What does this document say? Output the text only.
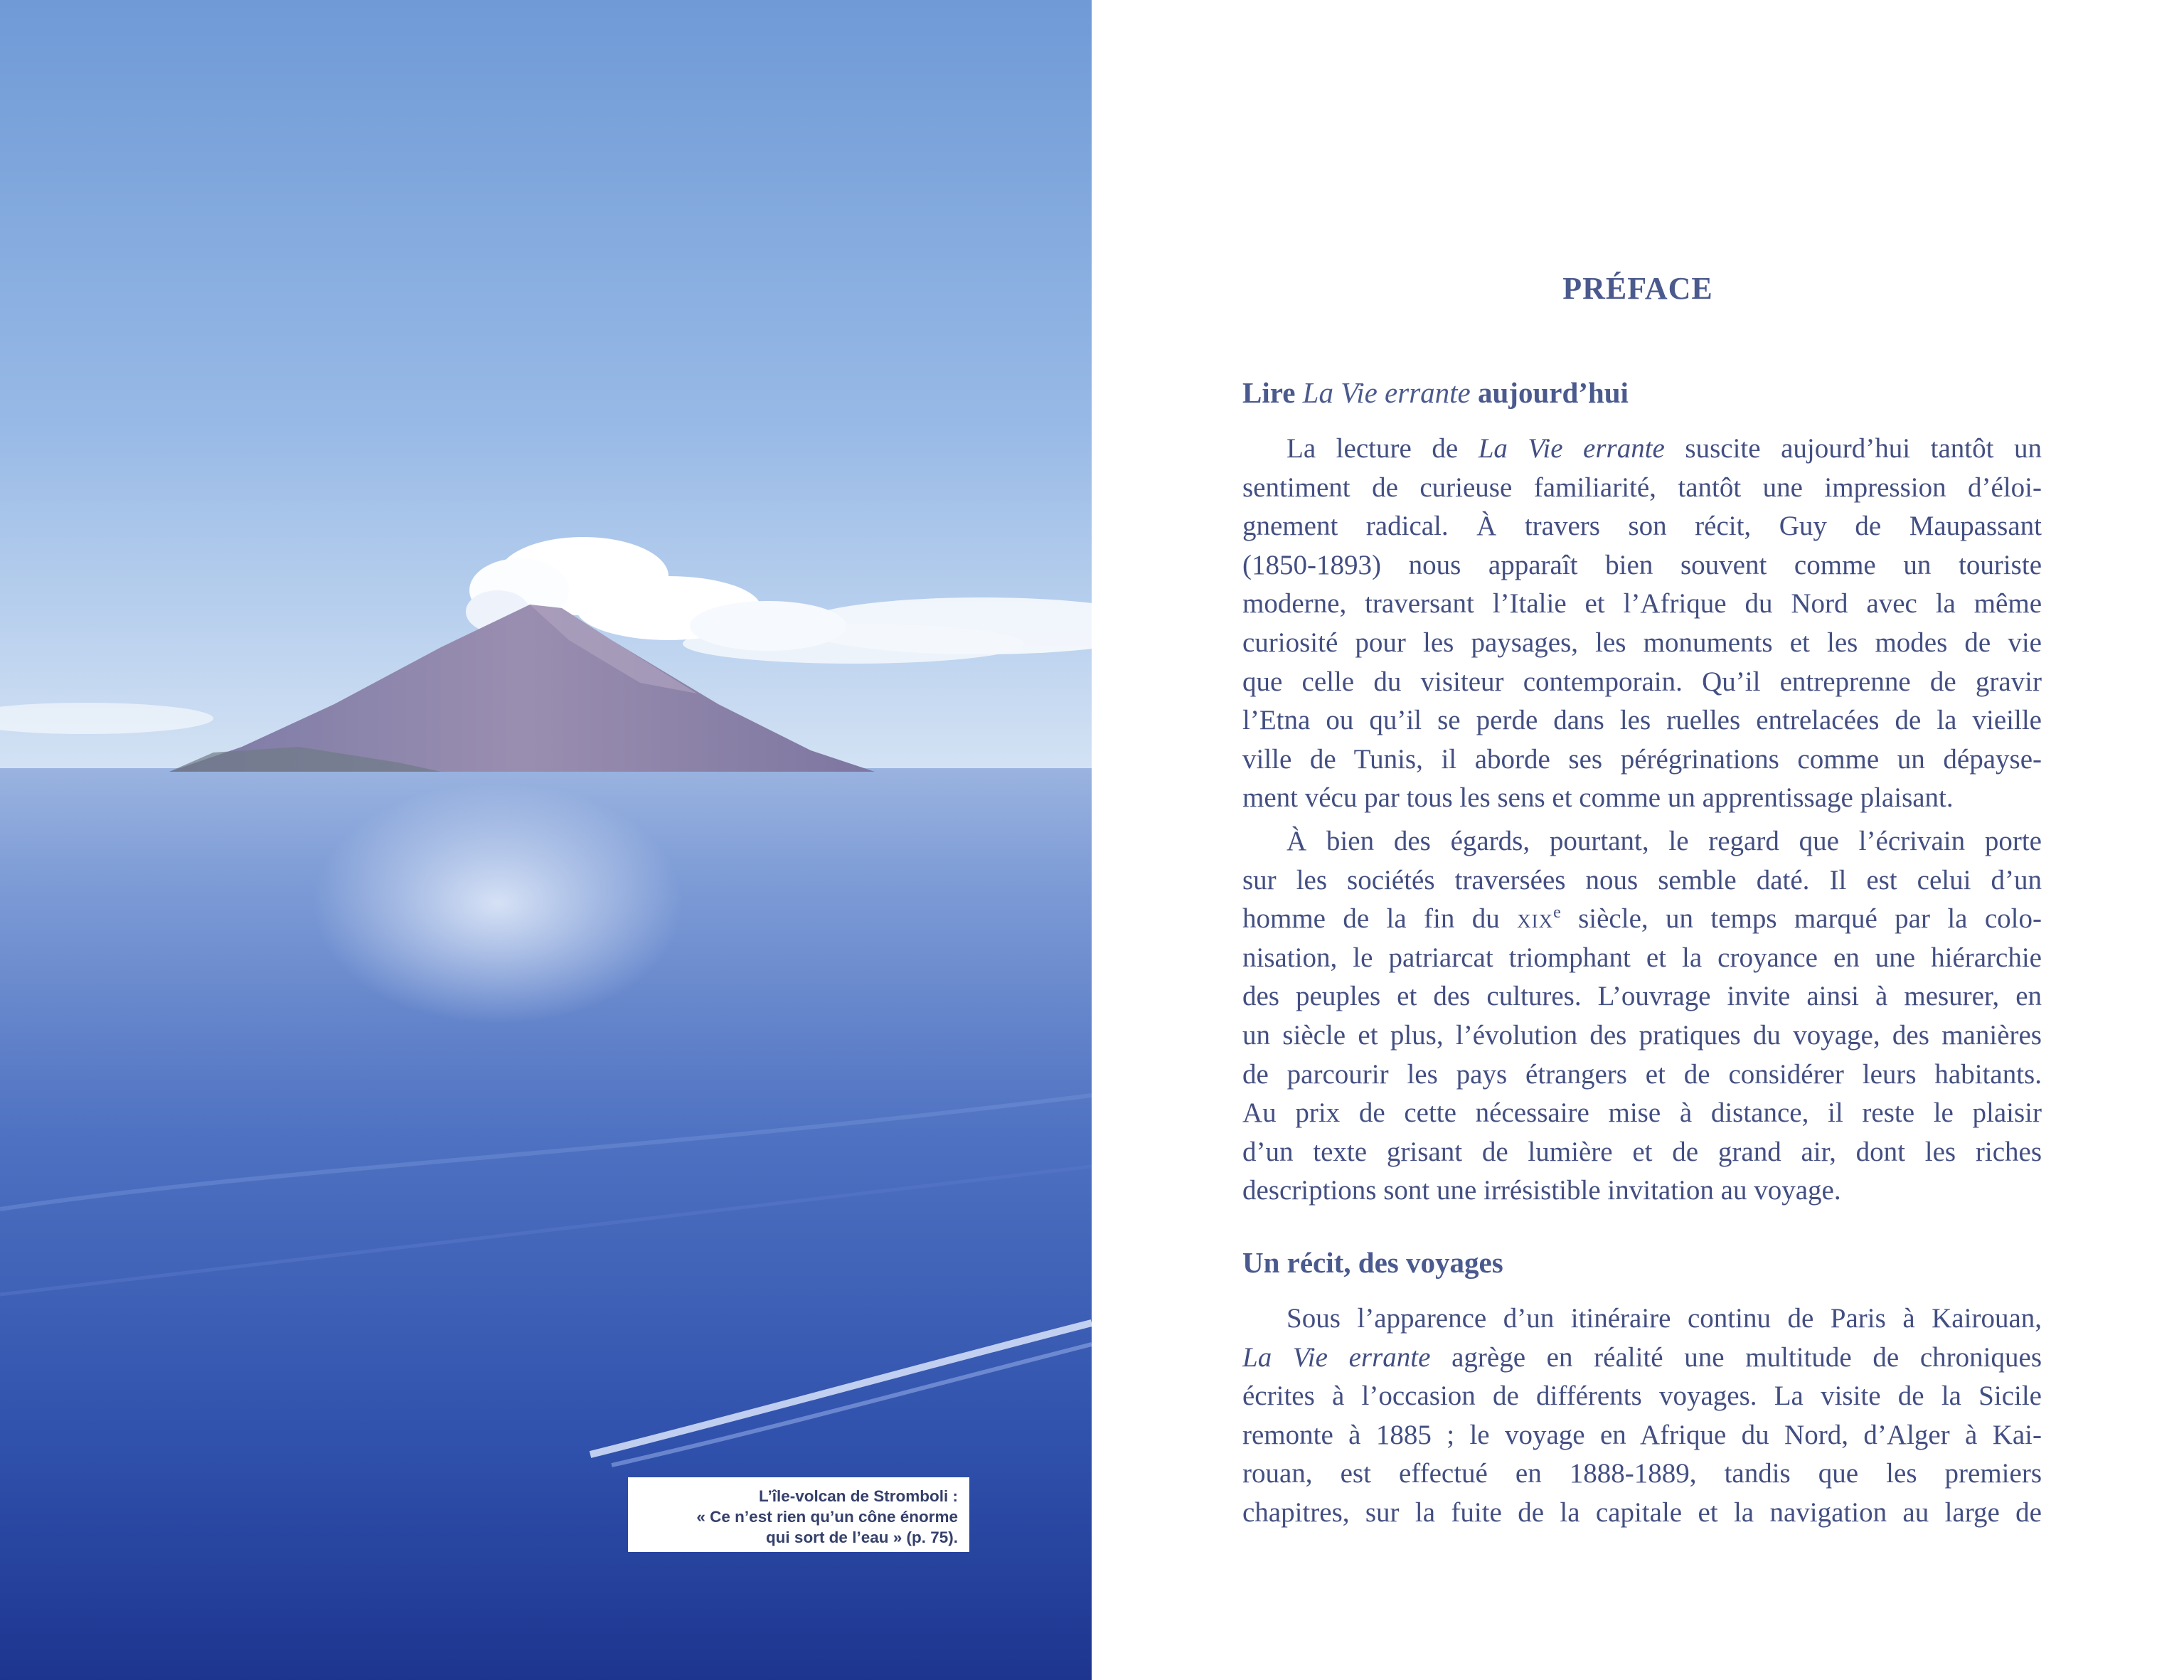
L’île-volcan de Stromboli :
« Ce n’est rien qu’un cône énorme
qui sort de l’eau » (p. 75).
PRÉFACE
Lire La Vie errante aujourd’hui
La lecture de La Vie errante suscite aujourd’hui tantôt un
sentiment de curieuse familiarité, tantôt une impression d’éloi-
gnement radical. À travers son récit, Guy de Maupassant
(1850-1893) nous apparaît bien souvent comme un touriste
moderne, traversant l’Italie et l’Afrique du Nord avec la même
curiosité pour les paysages, les monuments et les modes de vie
que celle du visiteur contemporain. Qu’il entreprenne de gravir
l’Etna ou qu’il se perde dans les ruelles entrelacées de la vieille
ville de Tunis, il aborde ses pérégrinations comme un dépayse-
ment vécu par tous les sens et comme un apprentissage plaisant.
À bien des égards, pourtant, le regard que l’écrivain porte
sur les sociétés traversées nous semble daté. Il est celui d’un
homme de la fin du xix$^e$ siècle, un temps marqué par la colo-
nisation, le patriarcat triomphant et la croyance en une hiérarchie
des peuples et des cultures. L’ouvrage invite ainsi à mesurer, en
un siècle et plus, l’évolution des pratiques du voyage, des manières
de parcourir les pays étrangers et de considérer leurs habitants.
Au prix de cette nécessaire mise à distance, il reste le plaisir
d’un texte grisant de lumière et de grand air, dont les riches
descriptions sont une irrésistible invitation au voyage.
Un récit, des voyages
Sous l’apparence d’un itinéraire continu de Paris à Kairouan,
La Vie errante agrège en réalité une multitude de chroniques
écrites à l’occasion de différents voyages. La visite de la Sicile
remonte à 1885 ; le voyage en Afrique du Nord, d’Alger à Kai-
rouan, est effectué en 1888-1889, tandis que les premiers
chapitres, sur la fuite de la capitale et la navigation au large de
